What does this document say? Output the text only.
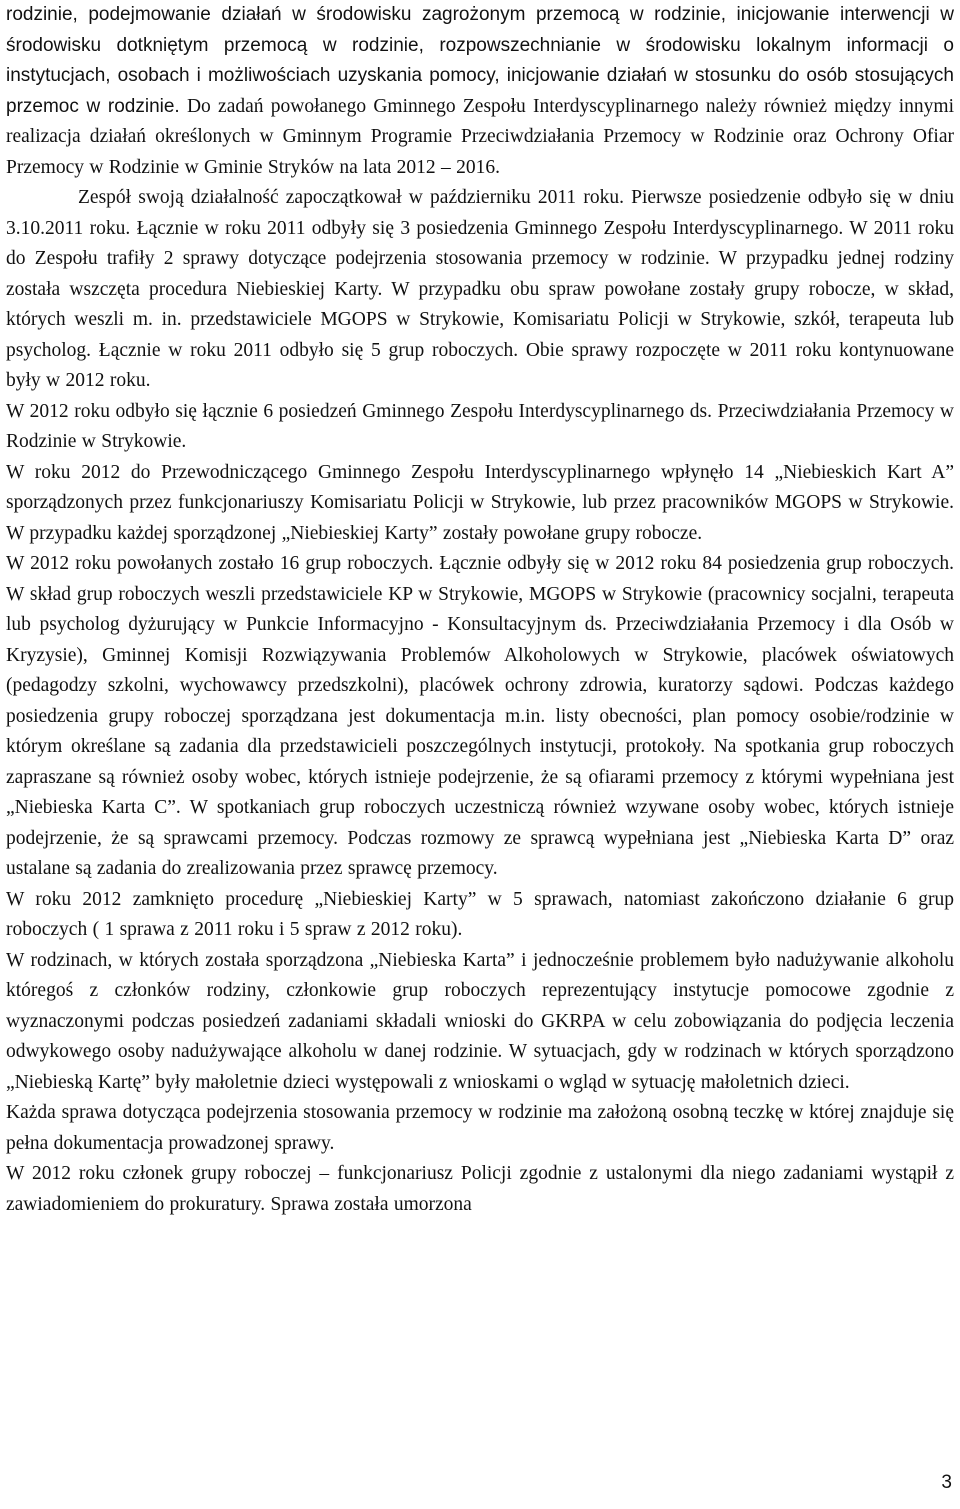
rodzinie, podejmowanie działań w środowisku zagrożonym przemocą w rodzinie, inicjowanie interwencji w środowisku dotkniętym przemocą w rodzinie, rozpowszechnianie w środowisku lokalnym informacji o instytucjach, osobach i możliwościach uzyskania pomocy, inicjowanie działań w stosunku do osób stosujących przemoc w rodzinie. Do zadań powołanego Gminnego Zespołu Interdyscyplinarnego należy również między innymi realizacja działań określonych w Gminnym Programie Przeciwdziałania Przemocy w Rodzinie oraz Ochrony Ofiar Przemocy w Rodzinie w Gminie Stryków na lata 2012 – 2016.

Zespół swoją działalność zapoczątkował w październiku 2011 roku. Pierwsze posiedzenie odbyło się w dniu 3.10.2011 roku. Łącznie w roku 2011 odbyły się 3 posiedzenia Gminnego Zespołu Interdyscyplinarnego. W 2011 roku do Zespołu trafiły 2 sprawy dotyczące podejrzenia stosowania przemocy w rodzinie. W przypadku jednej rodziny została wszczęta procedura Niebieskiej Karty. W przypadku obu spraw powołane zostały grupy robocze, w skład, których weszli m. in. przedstawiciele MGOPS w Strykowie, Komisariatu Policji w Strykowie, szkół, terapeuta lub psycholog. Łącznie w roku 2011 odbyło się 5 grup roboczych. Obie sprawy rozpoczęte w 2011 roku kontynuowane były w 2012 roku.

W 2012 roku odbyło się łącznie 6 posiedzeń Gminnego Zespołu Interdyscyplinarnego ds. Przeciwdziałania Przemocy w Rodzinie w Strykowie.

W roku 2012 do Przewodniczącego Gminnego Zespołu Interdyscyplinarnego wpłynęło 14 „Niebieskich Kart A” sporządzonych przez funkcjonariuszy Komisariatu Policji w Strykowie, lub przez pracowników MGOPS w Strykowie. W przypadku każdej sporządzonej „Niebieskiej Karty” zostały powołane grupy robocze.

W 2012 roku powołanych zostało 16 grup roboczych. Łącznie odbyły się w 2012 roku 84 posiedzenia grup roboczych. W skład grup roboczych weszli przedstawiciele KP w Strykowie, MGOPS w Strykowie (pracownicy socjalni, terapeuta lub psycholog dyżurujący w Punkcie Informacyjno - Konsultacyjnym ds. Przeciwdziałania Przemocy i dla Osób w Kryzysie), Gminnej Komisji Rozwiązywania Problemów Alkoholowych w Strykowie, placówek oświatowych (pedagodzy szkolni, wychowawcy przedszkolni), placówek ochrony zdrowia, kuratorzy sądowi. Podczas każdego posiedzenia grupy roboczej sporządzana jest dokumentacja m.in. listy obecności, plan pomocy osobie/rodzinie w którym określane są zadania dla przedstawicieli poszczególnych instytucji, protokoły. Na spotkania grup roboczych zapraszane są również osoby wobec, których istnieje podejrzenie, że są ofiarami przemocy z którymi wypełniana jest „Niebieska Karta C”. W spotkaniach grup roboczych uczestniczą również wzywane osoby wobec, których istnieje podejrzenie, że są sprawcami przemocy. Podczas rozmowy ze sprawcą wypełniana jest „Niebieska Karta D” oraz ustalane są zadania do zrealizowania przez sprawcę przemocy.

W roku 2012 zamknięto procedurę „Niebieskiej Karty” w 5 sprawach, natomiast zakończono działanie 6 grup roboczych ( 1 sprawa z 2011 roku i 5 spraw z 2012 roku).

W rodzinach, w których została sporządzona „Niebieska Karta” i jednocześnie problemem było nadużywanie alkoholu któregoś z członków rodziny, członkowie grup roboczych reprezentujący instytucje pomocowe zgodnie z wyznaczonymi podczas posiedzeń zadaniami składali wnioski do GKRPA w celu zobowiązania do podjęcia leczenia odwykowego osoby nadużywające alkoholu w danej rodzinie. W sytuacjach, gdy w rodzinach w których sporządzono „Niebieską Kartę” były małoletnie dzieci występowali z wnioskami o wgląd w sytuację małoletnich dzieci.

Każda sprawa dotycząca podejrzenia stosowania przemocy w rodzinie ma założoną osobną teczkę w której znajduje się pełna dokumentacja prowadzonej sprawy.

W 2012 roku członek grupy roboczej – funkcjonariusz Policji zgodnie z ustalonymi dla niego zadaniami wystąpił z zawiadomieniem do prokuratury. Sprawa została umorzona

3
